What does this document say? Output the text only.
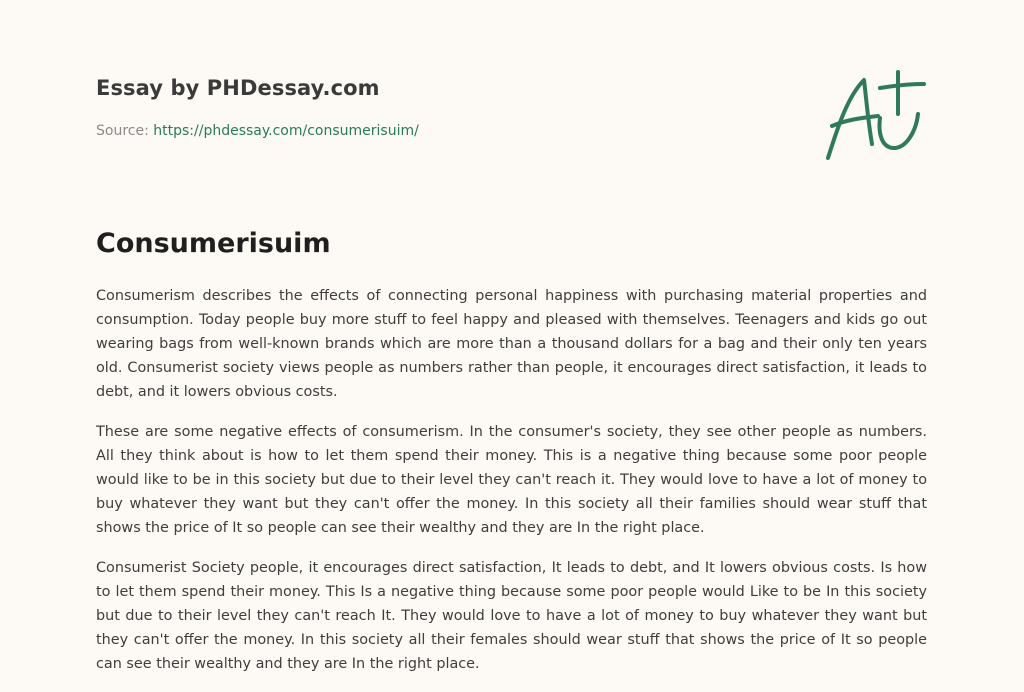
Essay by PHDessay.com
Source: https://phdessay.com/consumerisuim/
Consumerisuim

Consumerism describes the effects of connecting personal happiness with purchasing material properties and consumption. Today people buy more stuff to feel happy and pleased with themselves. Teenagers and kids go out wearing bags from well-known brands which are more than a thousand dollars for a bag and their only ten years old. Consumerist society views people as numbers rather than people, it encourages direct satisfaction, it leads to debt, and it lowers obvious costs.

These are some negative effects of consumerism. In the consumer's society, they see other people as numbers. All they think about is how to let them spend their money. This is a negative thing because some poor people would like to be in this society but due to their level they can't reach it. They would love to have a lot of money to buy whatever they want but they can't offer the money. In this society all their families should wear stuff that shows the price of It so people can see their wealthy and they are In the right place.

Consumerist Society people, it encourages direct satisfaction, It leads to debt, and It lowers obvious costs. Is how to let them spend their money. This Is a negative thing because some poor people would Like to be In this society but due to their level they can't reach It. They would love to have a lot of money to buy whatever they want but they can't offer the money. In this society all their females should wear stuff that shows the price of It so people can see their wealthy and they are In the right place.
